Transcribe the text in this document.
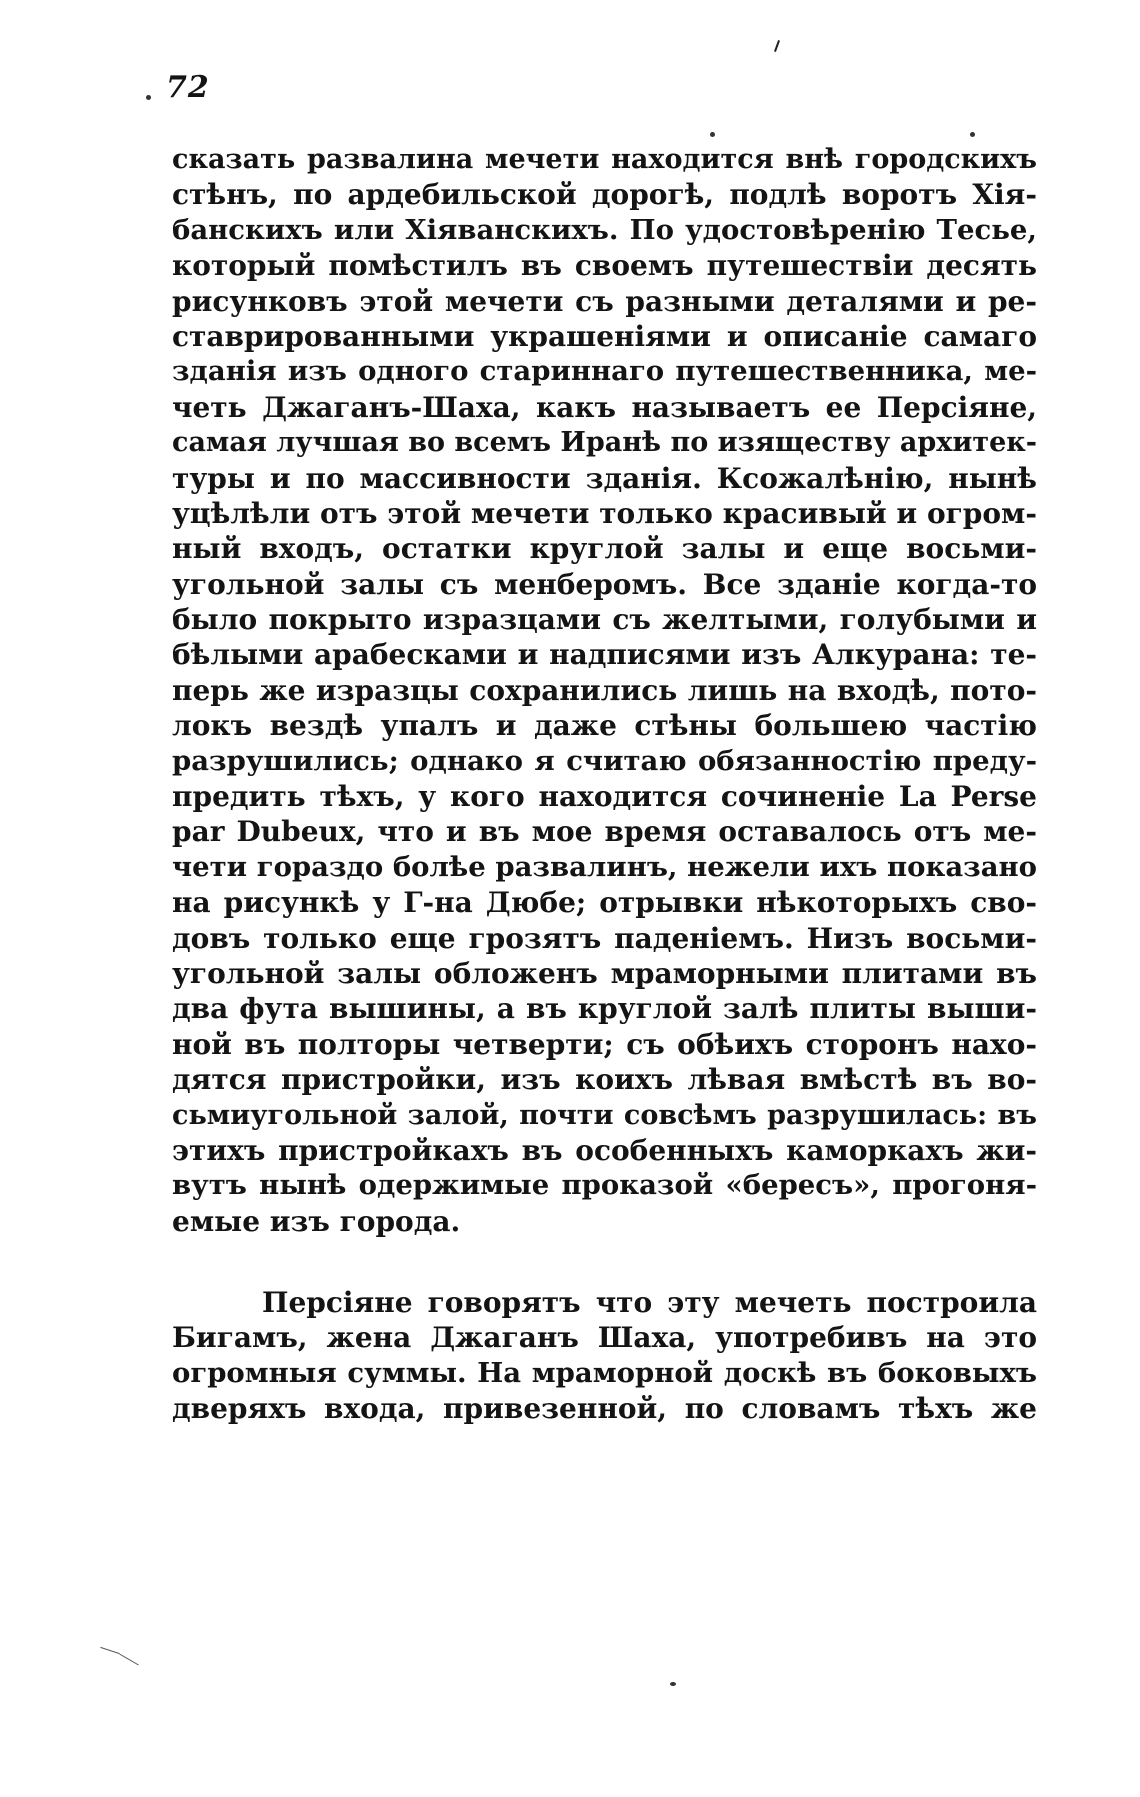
72
сказать развалина мечети находится внѣ городскихъ
стѣнъ, по ардебильской дорогѣ, подлѣ воротъ Хія-
банскихъ или Хіяванскихъ. По удостовѣренію Тесье,
который помѣстилъ въ своемъ путешествіи десять
рисунковъ этой мечети съ разными деталями и ре-
ставрированными украшеніями и описаніе самаго
зданія изъ одного стариннаго путешественника, ме-
четь Джаганъ-Шаха, какъ называетъ ее Персіяне,
самая лучшая во всемъ Иранѣ по изяществу архитек-
туры и по массивности зданія. Ксожалѣнію, нынѣ
уцѣлѣли отъ этой мечети только красивый и огром-
ный входъ, остатки круглой залы и еще восьми-
угольной залы съ менберомъ. Все зданіе когда-то
было покрыто изразцами съ желтыми, голубыми и
бѣлыми арабесками и надписями изъ Алкурана: те-
перь же изразцы сохранились лишь на входѣ, пото-
локъ вездѣ упалъ и даже стѣны большею частію
разрушились; однако я считаю обязанностію преду-
предить тѣхъ, у кого находится сочиненіе La Perse
par Dubeux, что и въ мое время оставалось отъ ме-
чети гораздо болѣе развалинъ, нежели ихъ показано
на рисункѣ у Г-на Дюбе; отрывки нѣкоторыхъ сво-
довъ только еще грозятъ паденіемъ. Низъ восьми-
угольной залы обложенъ мраморными плитами въ
два фута вышины, а въ круглой залѣ плиты выши-
ной въ полторы четверти; съ обѣихъ сторонъ нахо-
дятся пристройки, изъ коихъ лѣвая вмѣстѣ въ во-
сьмиугольной залой, почти совсѣмъ разрушилась: въ
этихъ пристройкахъ въ особенныхъ каморкахъ жи-
вутъ нынѣ одержимые проказой «бересъ», прогоня-
емые изъ города.
Персіяне говорятъ что эту мечеть построила
Бигамъ, жена Джаганъ Шаха, употребивъ на это
огромныя суммы. На мраморной доскѣ въ боковыхъ
дверяхъ входа, привезенной, по словамъ тѣхъ же
